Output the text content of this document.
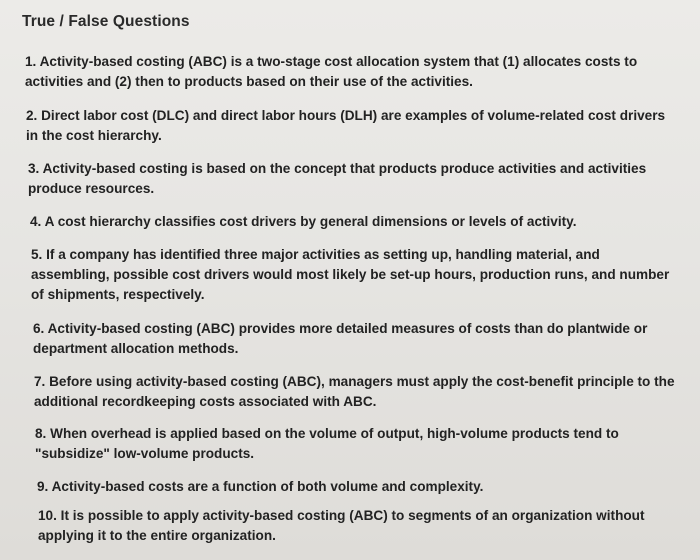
True / False Questions
1. Activity-based costing (ABC) is a two-stage cost allocation system that (1) allocates costs to activities and (2) then to products based on their use of the activities.
2. Direct labor cost (DLC) and direct labor hours (DLH) are examples of volume-related cost drivers in the cost hierarchy.
3. Activity-based costing is based on the concept that products produce activities and activities produce resources.
4. A cost hierarchy classifies cost drivers by general dimensions or levels of activity.
5. If a company has identified three major activities as setting up, handling material, and assembling, possible cost drivers would most likely be set-up hours, production runs, and number of shipments, respectively.
6. Activity-based costing (ABC) provides more detailed measures of costs than do plantwide or department allocation methods.
7. Before using activity-based costing (ABC), managers must apply the cost-benefit principle to the additional recordkeeping costs associated with ABC.
8. When overhead is applied based on the volume of output, high-volume products tend to "subsidize" low-volume products.
9. Activity-based costs are a function of both volume and complexity.
10. It is possible to apply activity-based costing (ABC) to segments of an organization without applying it to the entire organization.
